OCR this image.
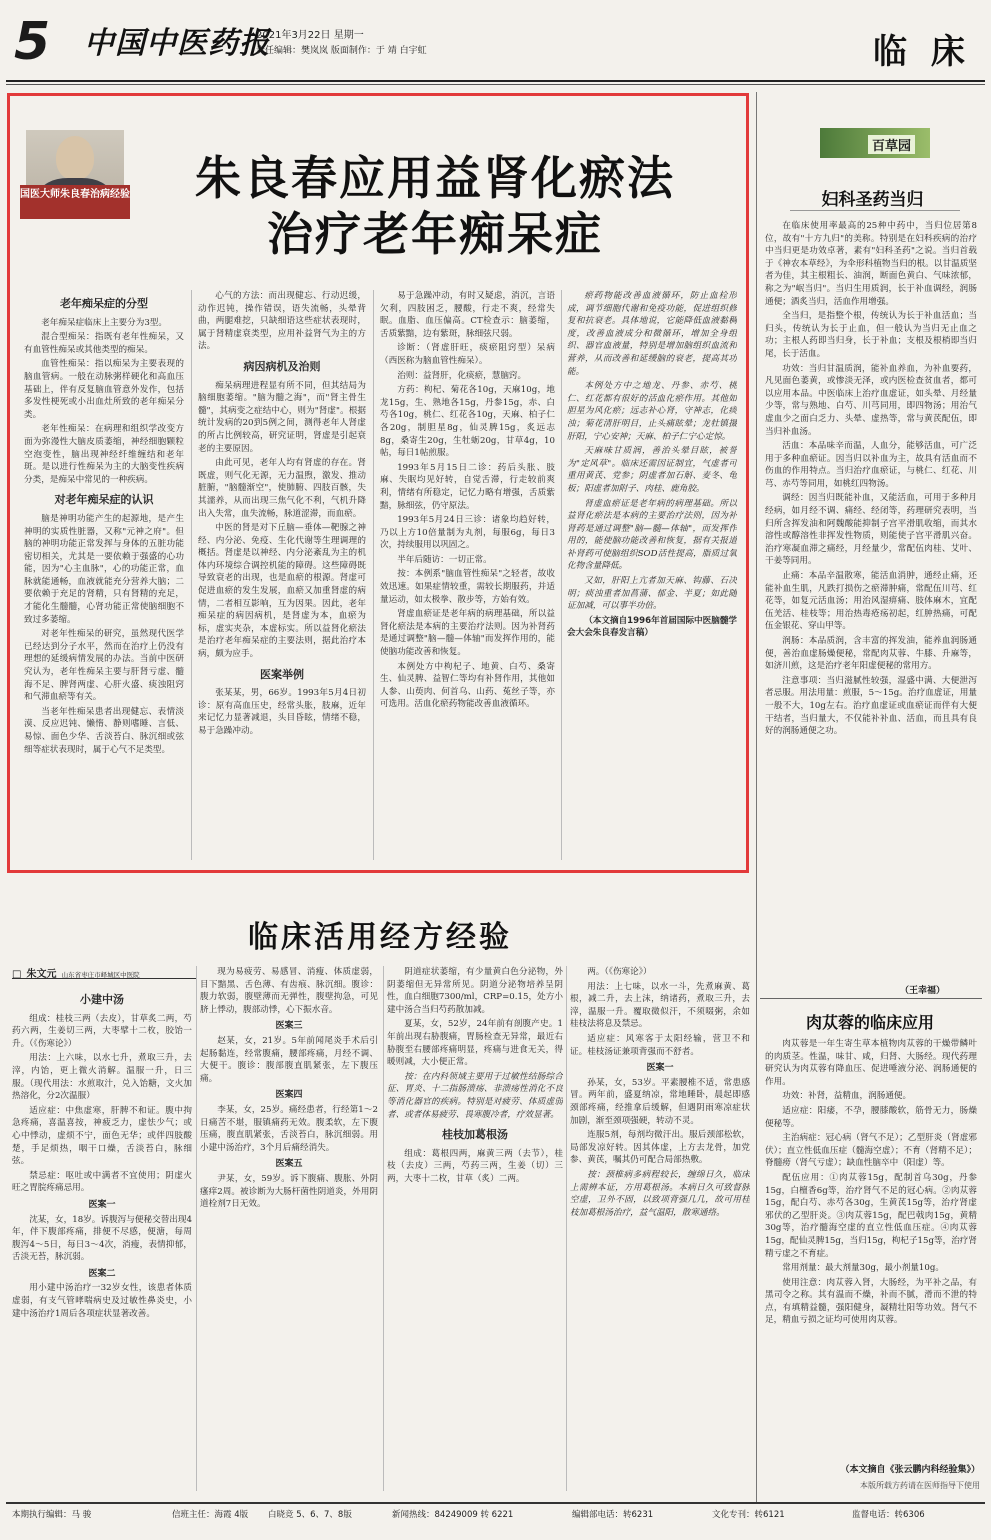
5 中国中医药报
2021年3月22日 星期一
责任编辑：樊岚岚 版面制作：于 靖 白宇虹	临 床
国医大师朱良春治病经验	朱良春应用益肾化瘀法
治疗老年痴呆症
老年痴呆症的分型

老年痴呆症临床上主要分为3型。

混合型痴呆：指既有老年性痴呆，又有血管性痴呆或其他类型的痴呆。

血管性痴呆：指以痴呆为主要表现的脑血管病。一般在动脉粥样硬化和高血压基础上，伴有反复脑血管意外发作，包括多发性梗死或小出血灶所致的老年痴呆分类。

老年性痴呆：在病理和组织学改变方面为弥漫性大脑皮质萎缩，神经细胞颗粒空泡变性，脑出现神经纤维缠结和老年斑。是以进行性痴呆为主的大脑变性疾病分类，是痴呆中常见的一种疾病。

对老年痴呆症的认识

脑是神明功能产生的起源地，是产生神明的实质性脏器，又称"元神之府"。但脑的神明功能正常发挥与身体的五脏功能密切相关，尤其是一要依赖于强盛的心功能，因为"心主血脉"，心的功能正常，血脉就能通畅，血液就能充分营养大脑；二要依赖于充足的肾精，只有肾精的充足，才能化生髓髓，心肾功能正常使脑细胞不致过多萎缩。

对老年性痴呆的研究，虽然现代医学已经达到分子水平，然而在治疗上仍没有理想的延缓病情发展的办法。当前中医研究认为，老年性痴呆主要与肝肾亏虚、髓海不足、脾肾两虚、心肝火盛、痰浊阻窍和气滞血瘀等有关。

当老年性痴呆患者出现健忘、表情淡漠、反应迟钝、懒惰、静则嗜睡、言低、易惊、面色少华、舌淡苔白、脉沉细或弦细等症状表现时，属于心气不足类型。

心气的方法：而出现健忘、行动迟缓，动作迟钝，操作错误，语失流畅，头晕背曲，两腿难挖，只缺细语这些症状表现时，属于肾精虚衰类型，应用补益肾气为主的方法。

病因病机及治则

痴呆病理进程显有所不同，但其结局为脑细胞萎缩。"脑为髓之海"，而"肾主骨生髓"，其病变之症结中心，则为"肾虚"。根据统计发病的20到5例之间，测得老年人肾虚的所占比例较高，研究证明，肾虚是引起衰老的主要原因。

由此可见，老年人均有肾虚的存在。肾既虚，则气化无源，无力温煦，激发、推动脏腑，"脑髓渐空"，使肺腑、四肢百骸，失其濡养，从而出现三焦气化不利，气机升降出入失常，血失流畅，脉道涩滞，而血瘀。

中医的肾是对下丘脑—垂体—靶腺之神经、内分泌、免疫、生化代谢等生理调理的概括。肾虚是以神经、内分泌紊乱为主的机体内环境综合调控机能的障碍。这些障碍既导致衰老的出现，也是血瘀的根源。肾虚可促进血瘀的发生发展，血瘀又加重肾虚的病情，二者相互影响，互为因果。因此，老年痴呆症的病因病机，是肾虚为本，血瘀为标，虚实夹杂，本虚标实。所以益肾化瘀法是治疗老年痴呆症的主要法则，据此治疗本病，颇为应手。

医案举例

张某某，男，66岁。1993年5月4日初诊：原有高血压史，经常头胀，肢麻，近年来记忆力显著减退，头目昏眩，情绪不稳，易于急躁冲动。

易于急躁冲动，有时又疑虑，消沉，言语欠利，四肢困乏，腰酸，行走不爽，经常失眠。血脂、血压偏高。CT检查示：脑萎缩，舌质紫黯，边有紫斑，脉细弦尺弱。

诊断：（肾虚肝旺，痰瘀阻窍型）呆病（西医称为脑血管性痴呆）。

治则：益肾肝，化痰瘀，慧脑窍。

方药：枸杞、菊花各10g，天麻10g，地龙15g，生、熟地各15g，丹参15g，赤、白芍各10g，桃仁、红花各10g，天麻、柏子仁各20g，制胆星8g，仙灵脾15g，炙远志8g，桑寄生20g，生牡蛎20g，甘草4g，10帖，每日1帖煎服。

1993年5月15日二诊：药后头胀、肢麻、失眠均见好转，自觉舌滞，行走较前爽利，情绪有所稳定，记忆力略有增强，舌质紫黯，脉细弦，仍守原法。

1993年5月24日三诊：诸象均趋好转，乃以上方10倍量制为丸剂，每服6g，每日3次，持续服用以巩固之。

半年后随访：一切正常。

按：本例系"脑血管性痴呆"之轻者，故收效迅速。如果症情较重，需较长期服药，并适量运动，如太极拳、散步等，方始有效。

肾虚血瘀证是老年病的病理基础，所以益肾化瘀法是本病的主要治疗法则。因为补肾药是通过调整"脑—髓—体轴"而发挥作用的，能使脑功能改善和恢复。

本例处方中枸杞子、地黄、白芍、桑寄生、仙灵脾、益智仁等均有补肾作用，其他如人参、山萸肉、何首乌、山药、菟丝子等，亦可选用。活血化瘀药物能改善血液循环。

瘀药物能改善血液循环，防止血栓形成，调节细胞代谢和免疫功能，促进组织修复和抗衰老。具体地说，它能降低血液黏稠度，改善血液成分和微循环，增加全身组织、器官血液量，特别是增加脑组织血流和营养，从而改善和延缓脑的衰老，提高其功能。

本例处方中之地龙、丹参、赤芍、桃仁、红花都有很好的活血化瘀作用。其他如胆星为风化瘀；远志补心肾，守神志，化痰浊；菊花清肝明目，止头痛眩晕；龙牡镇摄肝阳，宁心安神；天麻、柏子仁宁心定惊。

天麻味甘质润，善治头晕目眩，被誉为"定风草"。临床还需因证制宜，气虚者可重用黄芪、党参；阴虚者加石斛、麦冬、龟板；阳虚者加附子、肉桂、鹿角胶。

肾虚血瘀证是老年病的病理基础。所以益肾化瘀法是本病的主要治疗法则，因为补肾药是通过调整"脑—髓—体轴"，而发挥作用的，能使脑功能改善和恢复，据有关报道补肾药可使脑组织SOD活性提高，脂质过氧化物含量降低。

又如，肝阳上亢者加天麻、钩藤、石决明；痰浊重者加菖蒲、郁金、半夏；如此随证加减，可以事半功倍。

（本文摘自1996年首届国际中医脑髓学会大会朱良春发言稿）

百草园
妇科圣药当归

在临床使用率最高的25种中药中，当归位居第8位，故有"十方九归"的美称。特别是在妇科疾病的治疗中当归更是功效卓著，素有"妇科圣药"之说。当归首载于《神农本草经》，为伞形科植物当归的根。以甘温质坚者为佳，其主根粗长、油润，断面色黄白、气味浓郁，称之为"岷当归"。当归生用质润，长于补血调经，润肠通便；酒炙当归，活血作用增强。

全当归，是指整个根，传统认为长于补血活血；当归头，传统认为长于止血，但一般认为当归无止血之功；主根人药即当归身，长于补血；支根及根梢即当归尾，长于活血。

功效：当归甘温质润，能补血养血，为补血要药，凡见面色萎黄，或惨淡无泽，或内医检查贫血者，都可以应用本品。中医临床上治疗血虚证，如头晕、月经量少等，常与熟地、白芍、川芎同用，即四物汤；用治气虚血少之面白乏力、头晕、虚热等，常与黄芪配伍，即当归补血汤。

活血：本品味辛而温，人血分，能够活血，可广泛用于多种血瘀证。因当归以补血为主，故具有活血而不伤血的作用特点。当归治疗血瘀证，与桃仁、红花、川芎、赤芍等同用，如桃红四物汤。

调经：因当归既能补血，又能活血，可用于多种月经病，如月经不调、痛经、经闭等，药理研究表明，当归所含挥发油和阿魏酸能抑制子宫平滑肌收缩，而其水溶性或醇溶性非挥发性物质，则能使子宫平滑肌兴奋。治疗寒凝血滞之痛经，月经量少，常配伍肉桂、艾叶、干姜等同用。

止痛：本品辛温散寒，能活血消肿，通经止痛，还能补血生肌，凡跌打损伤之瘀滞肿痛，常配伍川芎、红花等，如复元活血汤；用治风湿痹痛、肢体麻木，宜配伍羌活、桂枝等；用治热毒疮疡初起，红肿热痛，可配伍金银花、穿山甲等。

润肠：本品质润，含丰富的挥发油，能养血润肠通便，善治血虚肠燥便秘，常配肉苁蓉、牛膝、升麻等，如济川煎，这是治疗老年阳虚便秘的常用方。

注意事项：当归滋腻性较强，湿盛中满、大便泄泻者忌服。用法用量：煎服，5～15g。治疗血虚证，用量一般不大，10g左右。治疗血虚证或血瘀证而伴有大便干结者，当归量大，不仅能补补血、活血，而且具有良好的润肠通便之功。

（王幸福）
肉苁蓉的临床应用

肉苁蓉是一年生寄生草本植物肉苁蓉的干燥带鳞叶的肉质茎。性温，味甘、咸，归肾、大肠经。现代药理研究认为肉苁蓉有降血压、促进唾液分泌、润肠通便的作用。

功效：补肾，益精血，润肠通便。

适应症：阳痿，不孕，腰膝酸软，筋骨无力，肠燥便秘等。

主治病症：冠心病（肾气不足）；乙型肝炎（肾虚邪伏）；直立性低血压症（髓海空虚）；不育（肾精不足）；脊髓痨（肾气亏虚）；缺血性脑卒中（阳虚）等。

配伍应用：①肉苁蓉15g，配制首乌30g，丹参15g，白檀香6g等，治疗肾气不足的冠心病。②肉苁蓉15g，配白芍、赤芍各30g，生黄芪15g等，治疗肾虚邪伏的乙型肝炎。③肉苁蓉15g，配巴戟肉15g，黄精30g等，治疗髓海空虚的直立性低血压症。④肉苁蓉15g，配仙灵脾15g，当归15g，枸杞子15g等，治疗肾精亏虚之不育症。

常用剂量：最大剂量30g，最小剂量10g。

使用注意：肉苁蓉入肾，大肠经，为平补之品，有黑司令之称。其有温而不燥，补而不腻，滑而不泄的特点，有填精益髓，强阳健身，凝精壮阳等功效。肾气不足，精血亏损之证均可使用肉苁蓉。

（本文摘自《张云鹏内科经验集》）
本版所载方药请在医师指导下使用
临床活用经方经验
□ 朱文元 山东省枣庄市峄城区中医院
小建中汤

组成：桂枝三两（去皮），甘草炙二两，芍药六两，生姜切三两，大枣擘十二枚，胶饴一升。（《伤寒论》）

用法：上六味，以水七升，煮取三升，去滓，内饴，更上微火消解。温服一升，日三服。（现代用法：水煎取汁，兑入饴糖，文火加热溶化，分2次温服）

适应症：中焦虚寒，肝脾不和证。腹中拘急疼痛，喜温喜按，神疲乏力，虚怯少气；或心中悸动，虚烦不宁，面色无华；或伴四肢酸楚，手足烦热，咽干口燥，舌淡苔白，脉细弦。

禁忌症：呕吐或中满者不宜使用；阴虚火旺之胃脘疼痛忌用。

医案一

沈某，女，18岁。诉腹泻与便秘交替出现4年，伴下腹部疼痛，排便不尽感，便溏，每周腹泻4～5日，每日3～4次，消瘦，表情抑郁，舌淡无苔，脉沉弱。

医案二

用小建中汤治疗一32岁女性，该患者体质虚弱，有支气管哮喘病史及过敏性鼻炎史，小建中汤治疗1周后各项症状显著改善。

现为易疲劳、易感冒、消瘦、体质虚弱，目下黯黑、舌色薄、有齿痕、脉沉细。腹诊：腹力软弱，腹壁薄而无弹性，腹壁拘急，可见脐上悸动，腹部动悸，心下振水音。

医案三

赵某，女，21岁。5年前闻尾炎手术后引起肠黏连，经常腹痛，腰部疼痛，月经不调、大便干。腹诊：腹部腹直肌紧张，左下腹压痛。

医案四

李某，女，25岁。痛经患者，行经第1～2日痛苦不堪，服镇痛药无效。腹柔软，左下腹压痛，腹直肌紧张，舌淡苔白，脉沉细弱。用小建中汤治疗，3个月后痛经消失。

医案五

尹某，女，59岁。诉下腹痛、腹胀、外阴瘙痒2周。被诊断为大肠杆菌性阴道炎，外用阴道栓剂7日无效。

阴道症状萎缩，有少量黄白色分泌物，外阴萎缩但无异常所见。阴道分泌物培养呈阴性，血白细胞7300/ml，CRP=0.15，处方小建中汤合当归芍药散加减。

夏某，女，52岁，24年前有剖腹产史。1年前出现右胁腹痛，胃肠检查无异常，最近右胁腹至右腰部疼痛明显，疼痛与进食无关，得暖则减，大小便正常。

按：在内科领域主要用于过敏性结肠综合征、胃炎、十二指肠溃疡、非溃疡性消化不良等消化器官的疾病。特别是对疲劳、体质虚弱者、或者体易疲劳、畏寒腹冷者，疗效显著。

桂枝加葛根汤

组成：葛根四两，麻黄三两（去节），桂枝（去皮）三两，芍药三两，生姜（切）三两，大枣十二枚，甘草（炙）二两。

两。（《伤寒论》）

用法：上七味，以水一斗，先煮麻黄、葛根，减二升，去上沫，纳诸药，煮取三升，去滓，温服一升。覆取微似汗，不须啜粥，余如桂枝法将息及禁忌。

适应症：风寒客于太阳经输，营卫不和证。桂枝汤证兼项背强而不舒者。

医案一

孙某，女，53岁。平素腰椎不适，常患感冒。两年前，盛夏纳凉，常地睡卧，晨起即感颈部疼痛，经推拿后缓解，但遇阴雨寒凉症状加剧，渐至颈项强硬，转动不灵。

连服5剂，每剂均微汗出。服后颈部松软，局部发凉好转。因其体虚，上方去龙骨，加党参、黄芪，嘱其仍可配合局部热敷。

按：颈椎病多病程较长，缠绵日久，临床上需辨本证，方用葛根汤。本病日久可致督脉空虚，卫外不固，以致项背强几几，故可用桂枝加葛根汤治疗，益气温阳，散寒通络。

本期执行编辑：马 骏	信班主任：海霞 4版 白晓竞 5、6、7、8版	新闻热线：84249009 转 6221	编辑部电话：转6231	文化专刊：转6121	监督电话：转6306
